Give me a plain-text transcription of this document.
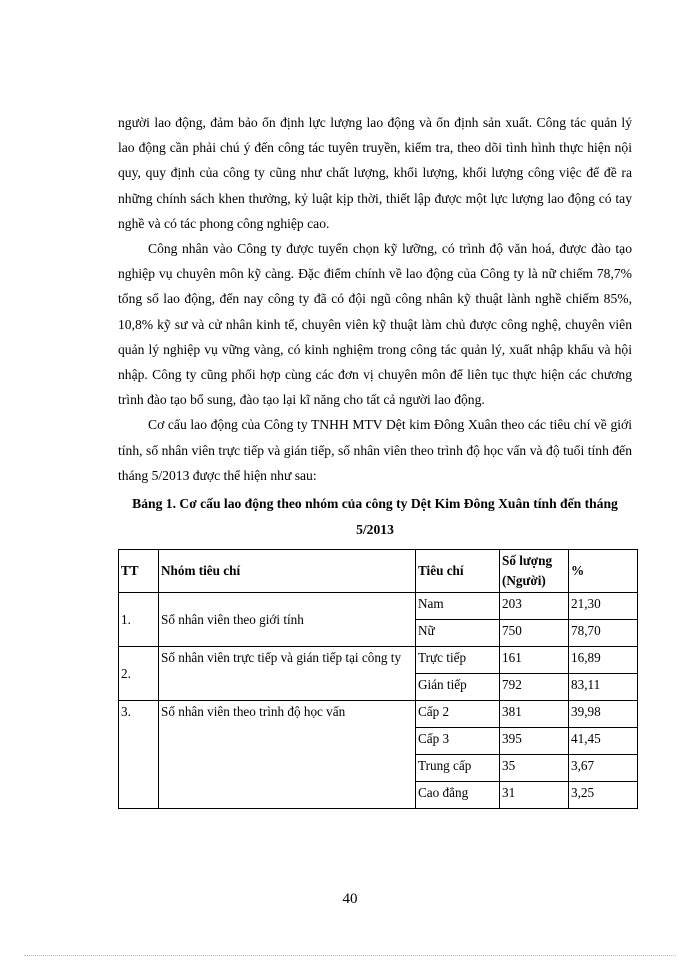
người lao động, đảm bảo ổn định lực lượng lao động và ổn định sản xuất. Công tác quản lý lao động cần phải chú ý đến công tác tuyên truyền, kiểm tra, theo dõi tình hình thực hiện nội quy, quy định của công ty cũng như chất lượng, khối lượng, khối lượng công việc để đề ra những chính sách khen thưởng, kỷ luật kịp thời, thiết lập được một lực lượng lao động có tay nghề và có tác phong công nghiệp cao.

Công nhân vào Công ty được tuyển chọn kỹ lưỡng, có trình độ văn hoá, được đào tạo nghiệp vụ chuyên môn kỹ càng. Đặc điểm chính về lao động của Công ty là nữ chiếm 78,7% tổng số lao động, đến nay công ty đã có đội ngũ công nhân kỹ thuật lành nghề chiếm 85%, 10,8% kỹ sư và cử nhân kinh tế, chuyên viên kỹ thuật làm chủ được công nghệ, chuyên viên quản lý nghiệp vụ vững vàng, có kinh nghiệm trong công tác quản lý, xuất nhập khẩu và hội nhập. Công ty cũng phối hợp cùng các đơn vị chuyên môn để liên tục thực hiện các chương trình đào tạo bổ sung, đào tạo lại kĩ năng cho tất cả người lao động.

Cơ cấu lao động của Công ty TNHH MTV Dệt kim Đông Xuân theo các tiêu chí về giới tính, số nhân viên trực tiếp và gián tiếp, số nhân viên theo trình độ học vấn và độ tuổi tính đến tháng 5/2013 được thể hiện như sau:

Bảng 1. Cơ cấu lao động theo nhóm của công ty Dệt Kim Đông Xuân tính đến tháng 5/2013

TT	Nhóm tiêu chí	Tiêu chí	Số lượng (Người)	%
1.	Số nhân viên theo giới tính	Nam	203	21,30
		Nữ	750	78,70
2.	Số nhân viên trực tiếp và gián tiếp tại công ty	Trực tiếp	161	16,89
		Gián tiếp	792	83,11
3.	Số nhân viên theo trình độ học vấn	Cấp 2	381	39,98
		Cấp 3	395	41,45
		Trung cấp	35	3,67
		Cao đẳng	31	3,25
40
